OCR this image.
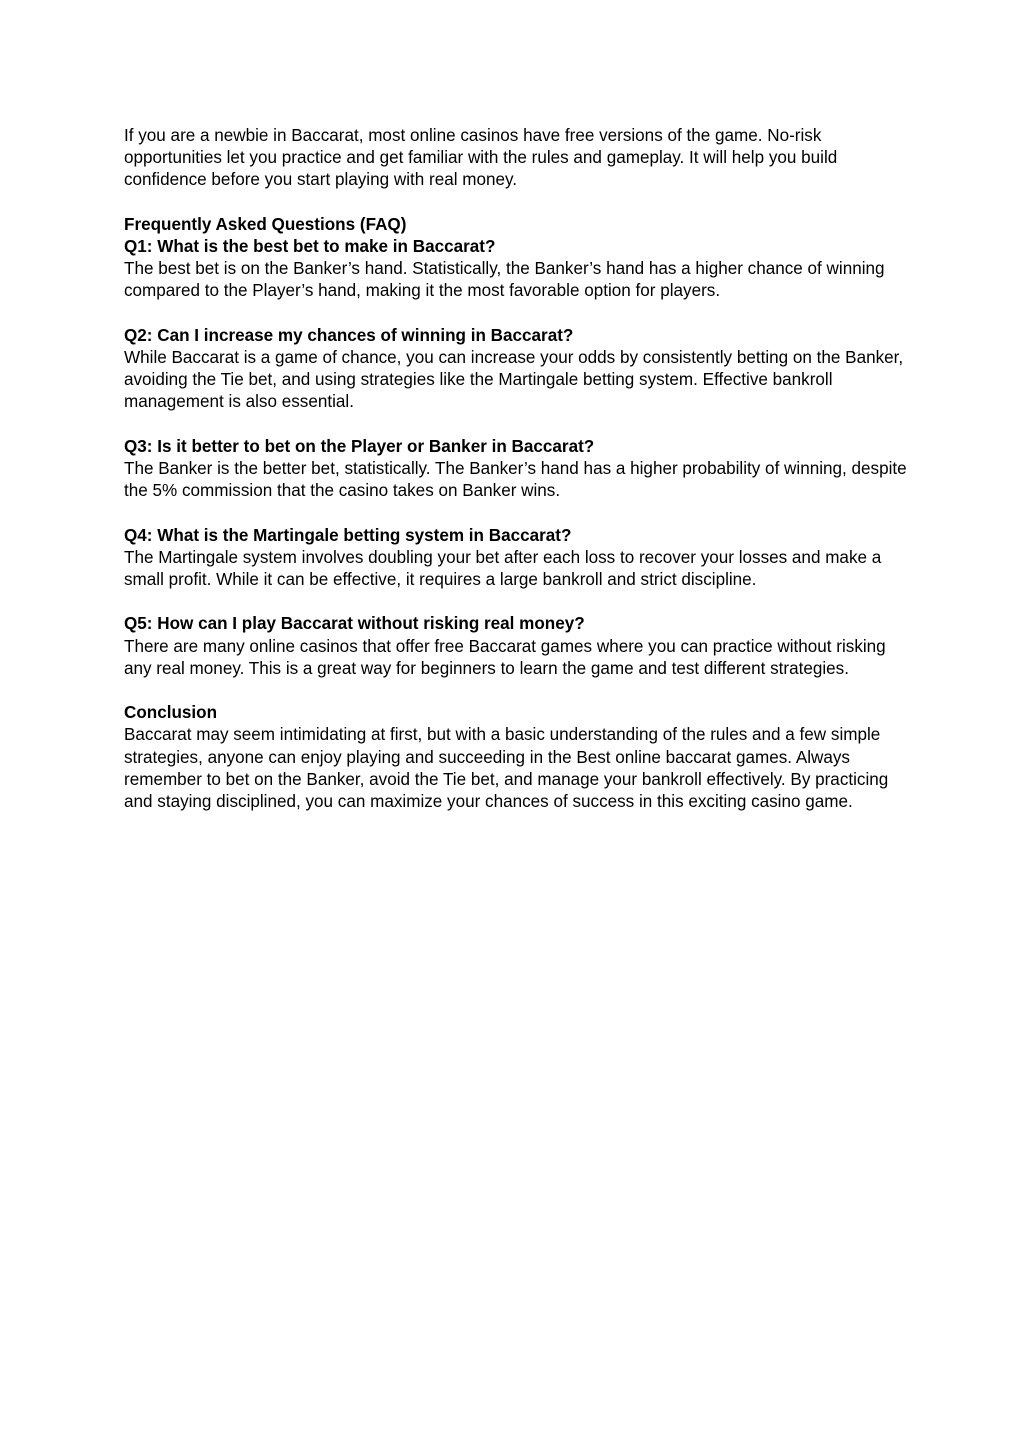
If you are a newbie in Baccarat, most online casinos have free versions of the game. No-risk opportunities let you practice and get familiar with the rules and gameplay. It will help you build confidence before you start playing with real money.

Frequently Asked Questions (FAQ)

Q1: What is the best bet to make in Baccarat?

The best bet is on the Banker’s hand. Statistically, the Banker’s hand has a higher chance of winning compared to the Player’s hand, making it the most favorable option for players.

Q2: Can I increase my chances of winning in Baccarat?

While Baccarat is a game of chance, you can increase your odds by consistently betting on the Banker, avoiding the Tie bet, and using strategies like the Martingale betting system. Effective bankroll management is also essential.

Q3: Is it better to bet on the Player or Banker in Baccarat?

The Banker is the better bet, statistically. The Banker’s hand has a higher probability of winning, despite the 5% commission that the casino takes on Banker wins.

Q4: What is the Martingale betting system in Baccarat?

The Martingale system involves doubling your bet after each loss to recover your losses and make a small profit. While it can be effective, it requires a large bankroll and strict discipline.

Q5: How can I play Baccarat without risking real money?

There are many online casinos that offer free Baccarat games where you can practice without risking any real money. This is a great way for beginners to learn the game and test different strategies.

Conclusion

Baccarat may seem intimidating at first, but with a basic understanding of the rules and a few simple strategies, anyone can enjoy playing and succeeding in the Best online baccarat games. Always remember to bet on the Banker, avoid the Tie bet, and manage your bankroll effectively. By practicing and staying disciplined, you can maximize your chances of success in this exciting casino game.
